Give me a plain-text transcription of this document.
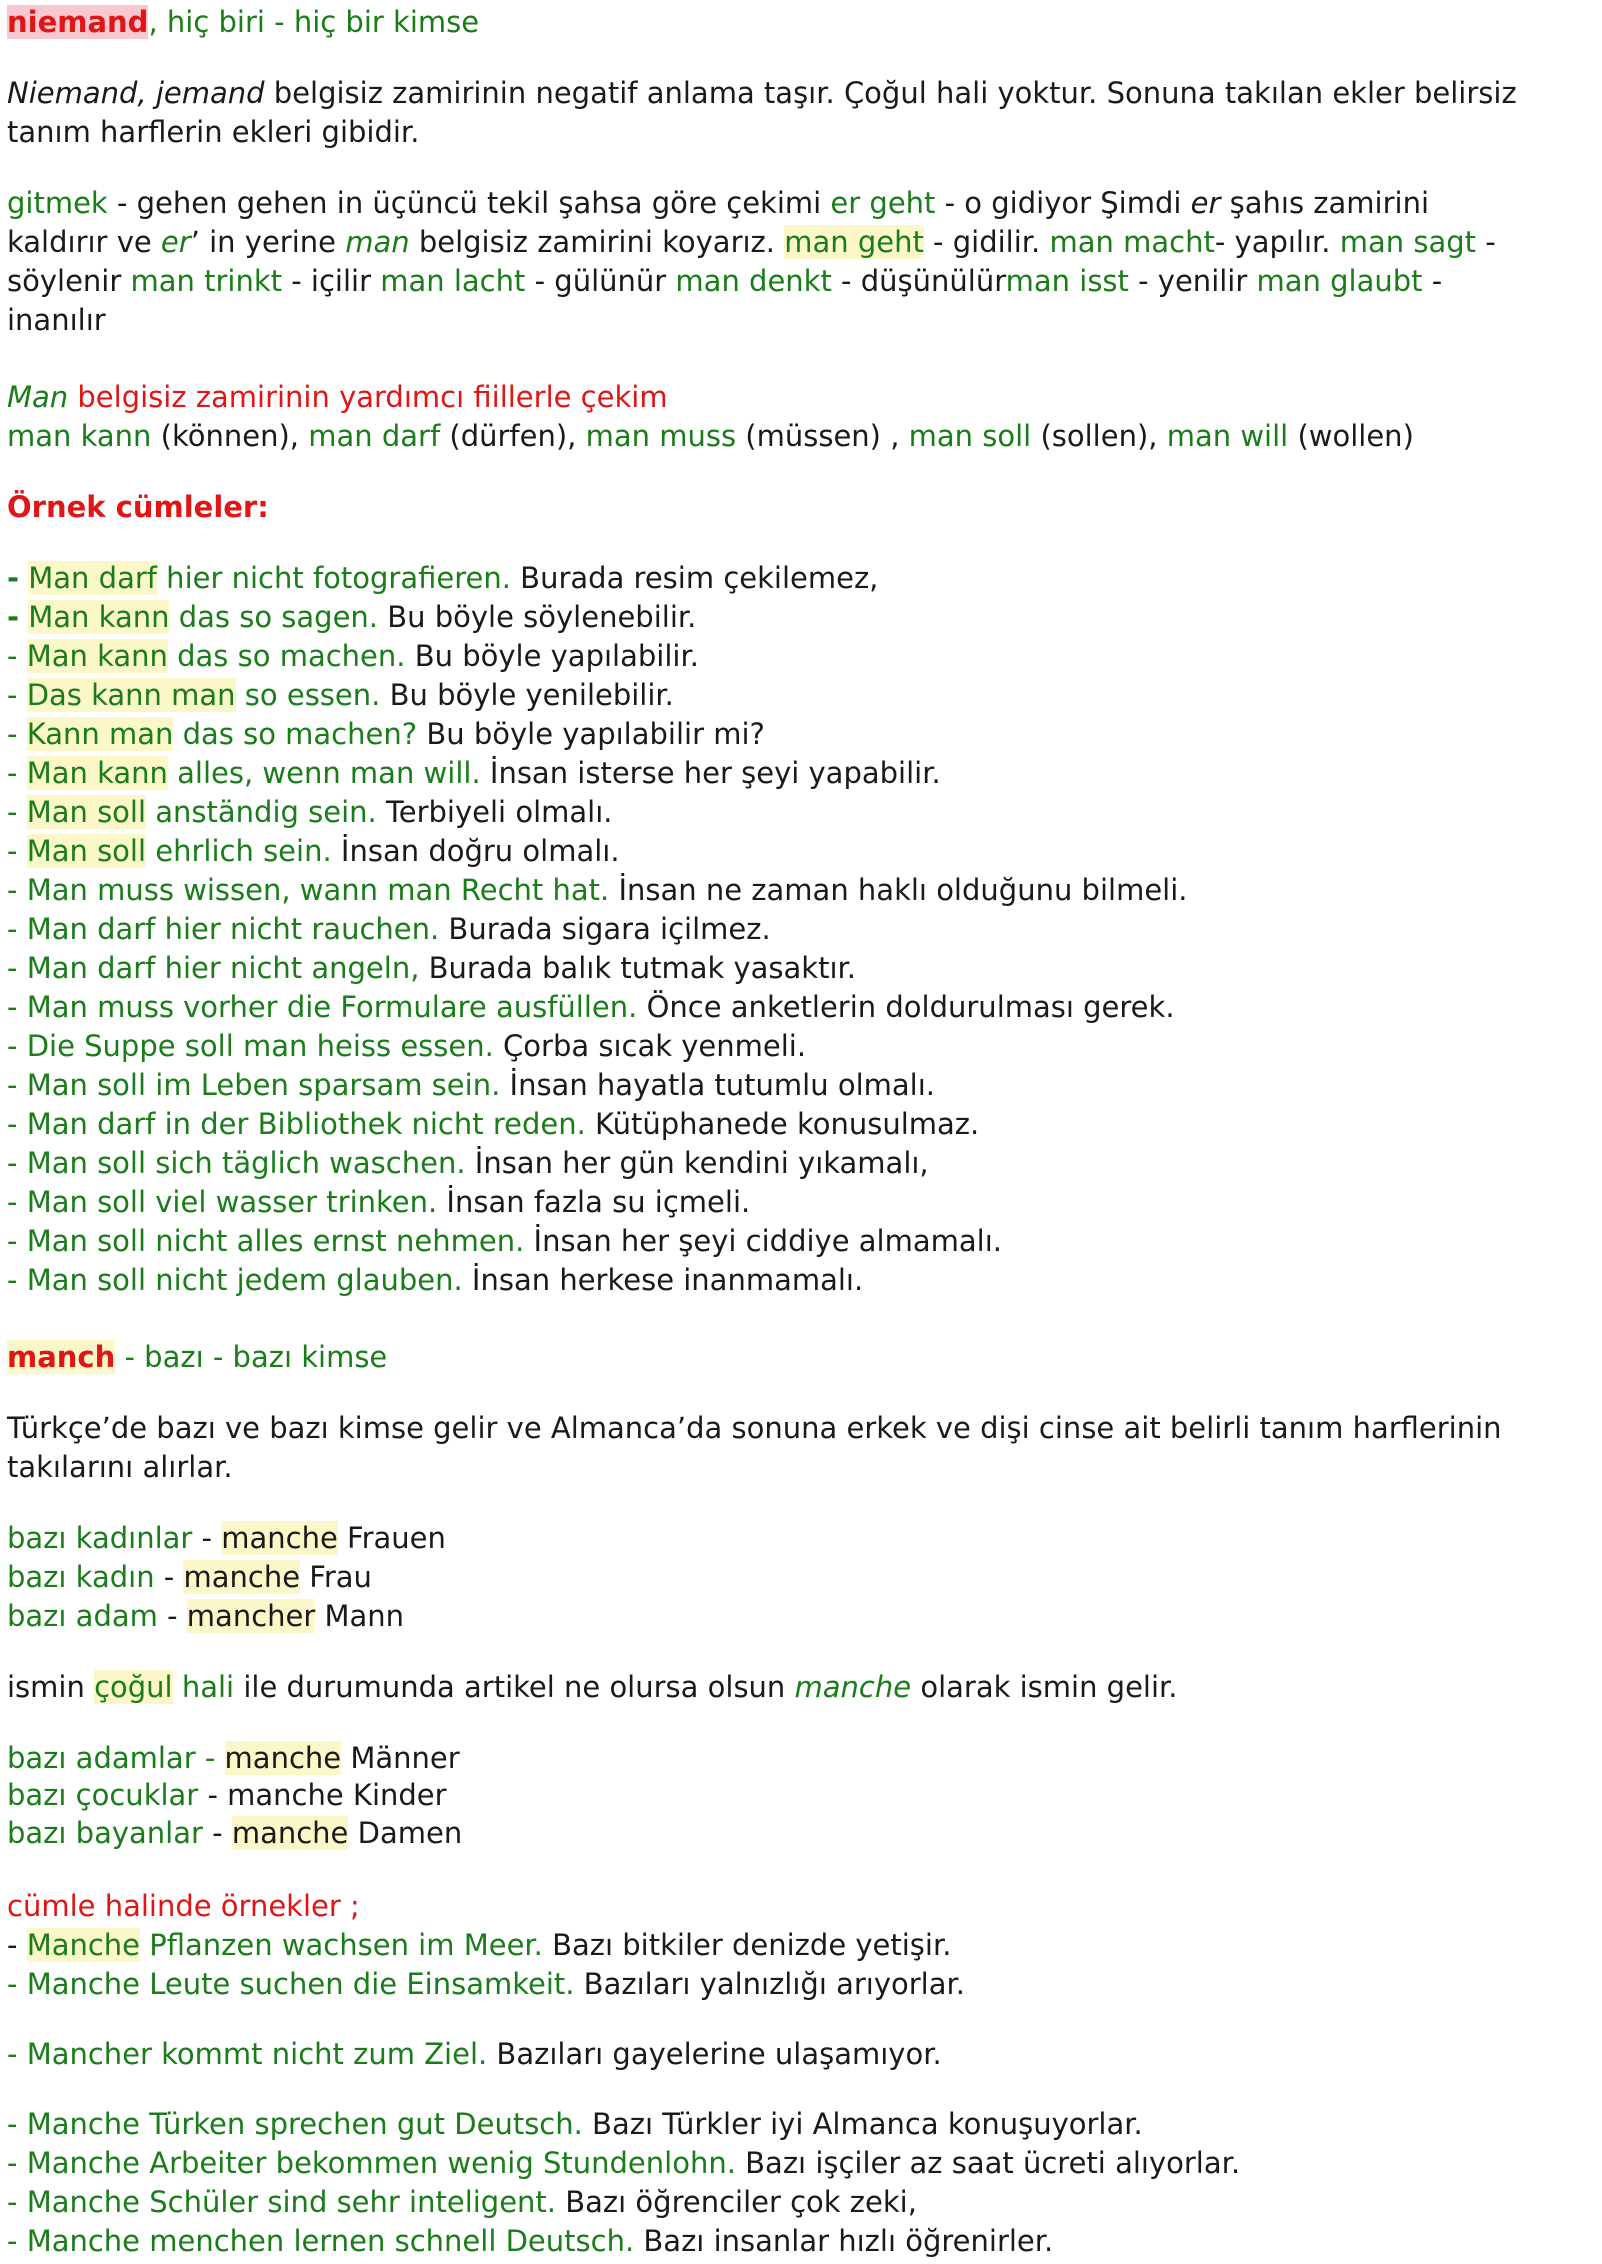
niemand, hiç biri - hiç bir kimse
Niemand, jemand belgisiz zamirinin negatif anlama taşır. Çoğul hali yoktur. Sonuna takılan ekler belirsiz
tanım harflerin ekleri gibidir.
gitmek - gehen gehen in üçüncü tekil şahsa göre çekimi er geht - o gidiyor Şimdi er şahıs zamirini
kaldırır ve er’ in yerine man belgisiz zamirini koyarız. man geht - gidilir. man macht- yapılır. man sagt -
söylenir man trinkt - içilir man lacht - gülünür man denkt - düşünülürman isst - yenilir man glaubt -
inanılır
Man belgisiz zamirinin yardımcı fiillerle çekim
man kann (können), man darf (dürfen), man muss (müssen) , man soll (sollen), man will (wollen)
Örnek cümleler:
- Man darf hier nicht fotografieren. Burada resim çekilemez,
- Man kann das so sagen. Bu böyle söylenebilir.
- Man kann das so machen. Bu böyle yapılabilir.
- Das kann man so essen. Bu böyle yenilebilir.
- Kann man das so machen? Bu böyle yapılabilir mi?
- Man kann alles, wenn man will. İnsan isterse her şeyi yapabilir.
- Man soll anständig sein. Terbiyeli olmalı.
- Man soll ehrlich sein. İnsan doğru olmalı.
- Man muss wissen, wann man Recht hat. İnsan ne zaman haklı olduğunu bilmeli.
- Man darf hier nicht rauchen. Burada sigara içilmez.
- Man darf hier nicht angeln, Burada balık tutmak yasaktır.
- Man muss vorher die Formulare ausfüllen. Önce anketlerin doldurulması gerek.
- Die Suppe soll man heiss essen. Çorba sıcak yenmeli.
- Man soll im Leben sparsam sein. İnsan hayatla tutumlu olmalı.
- Man darf in der Bibliothek nicht reden. Kütüphanede konusulmaz.
- Man soll sich täglich waschen. İnsan her gün kendini yıkamalı,
- Man soll viel wasser trinken. İnsan fazla su içmeli.
- Man soll nicht alles ernst nehmen. İnsan her şeyi ciddiye almamalı.
- Man soll nicht jedem glauben. İnsan herkese inanmamalı.
manch - bazı - bazı kimse
Türkçe’de bazı ve bazı kimse gelir ve Almanca’da sonuna erkek ve dişi cinse ait belirli tanım harflerinin
takılarını alırlar.
bazı kadınlar - manche Frauen
bazı kadın - manche Frau
bazı adam - mancher Mann
ismin çoğul hali ile durumunda artikel ne olursa olsun manche olarak ismin gelir.
bazı adamlar - manche Männer
bazı çocuklar - manche Kinder
bazı bayanlar - manche Damen
cümle halinde örnekler ;
- Manche Pflanzen wachsen im Meer. Bazı bitkiler denizde yetişir.
- Manche Leute suchen die Einsamkeit. Bazıları yalnızlığı arıyorlar.
- Mancher kommt nicht zum Ziel. Bazıları gayelerine ulaşamıyor.
- Manche Türken sprechen gut Deutsch. Bazı Türkler iyi Almanca konuşuyorlar.
- Manche Arbeiter bekommen wenig Stundenlohn. Bazı işçiler az saat ücreti alıyorlar.
- Manche Schüler sind sehr inteligent. Bazı öğrenciler çok zeki,
- Manche menchen lernen schnell Deutsch. Bazı insanlar hızlı öğrenirler.
